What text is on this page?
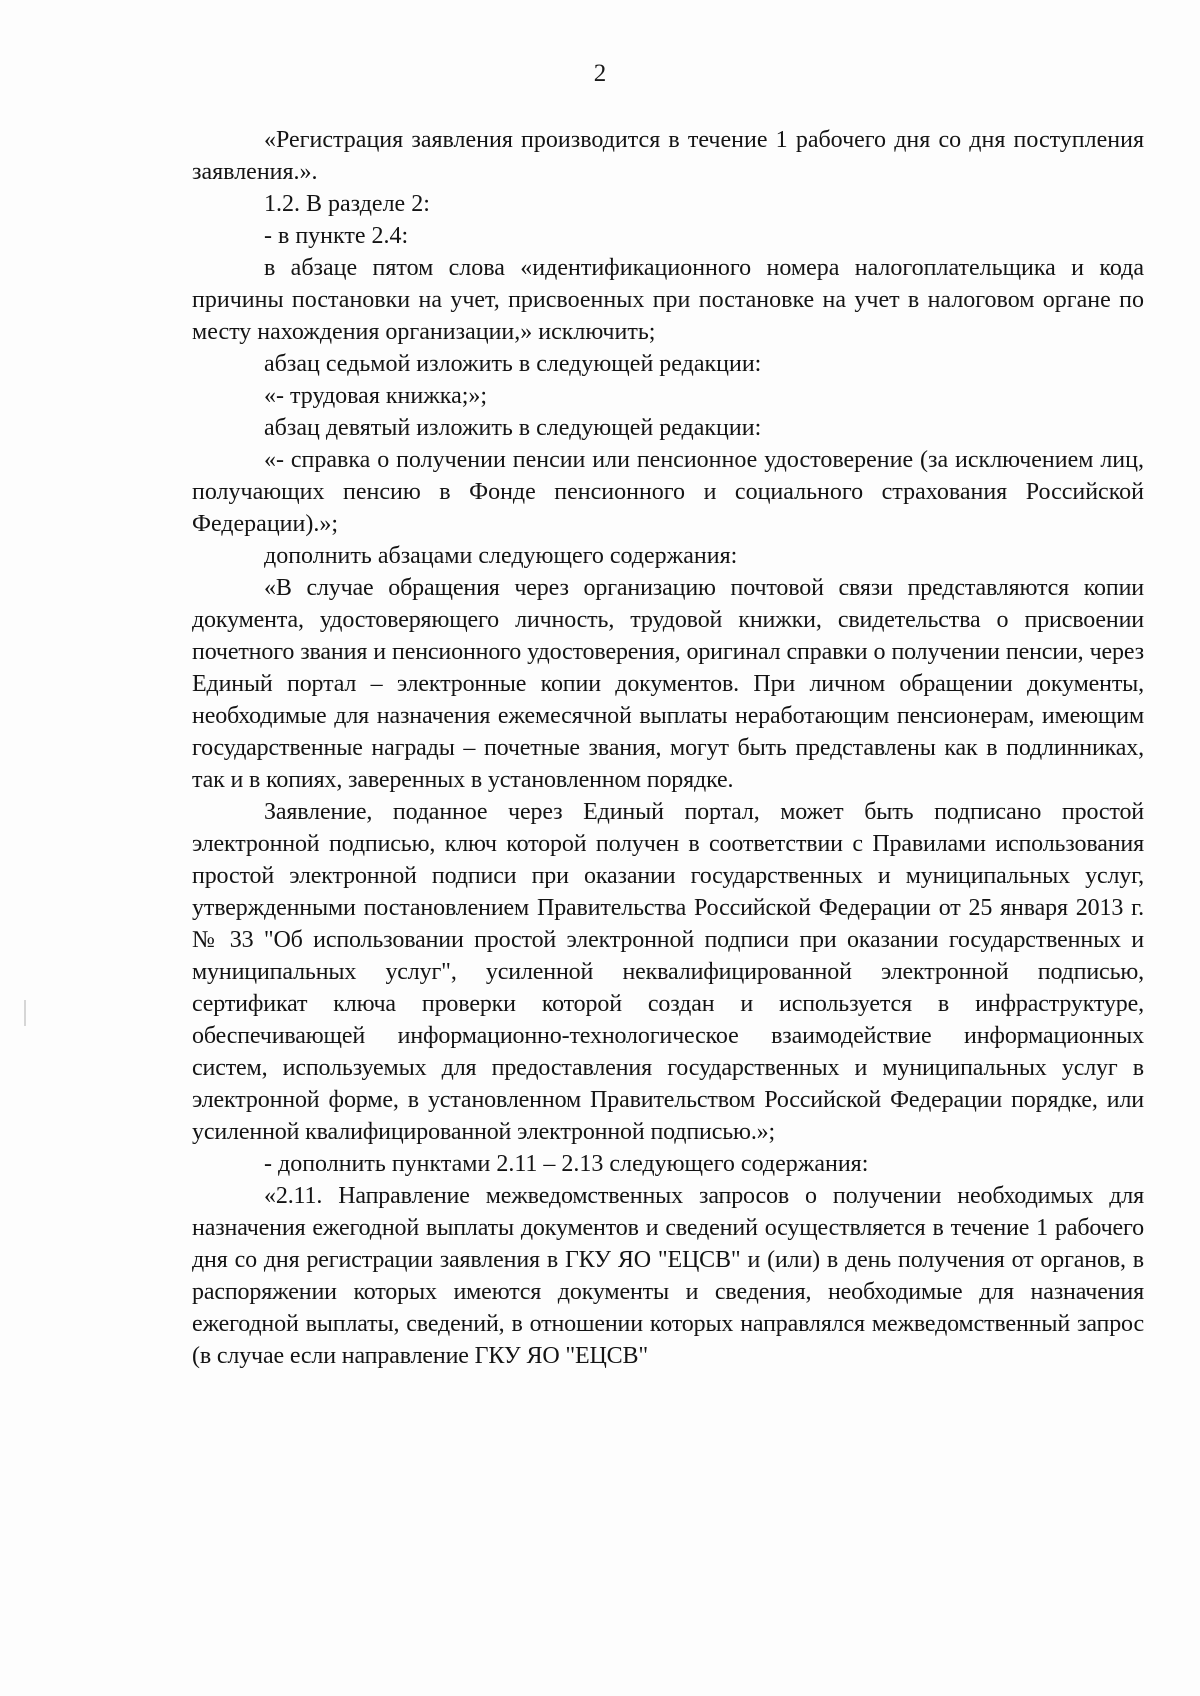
2

«Регистрация заявления производится в течение 1 рабочего дня со дня поступления заявления.».

1.2. В разделе 2:

- в пункте 2.4:

в абзаце пятом слова «идентификационного номера налогоплательщика и кода причины постановки на учет, присвоенных при постановке на учет в налоговом органе по месту нахождения организации,» исключить;

абзац седьмой изложить в следующей редакции:

«- трудовая книжка;»;

абзац девятый изложить в следующей редакции:

«- справка о получении пенсии или пенсионное удостоверение (за исключением лиц, получающих пенсию в Фонде пенсионного и социального страхования Российской Федерации).»;

дополнить абзацами следующего содержания:

«В случае обращения через организацию почтовой связи представляются копии документа, удостоверяющего личность, трудовой книжки, свидетельства о присвоении почетного звания и пенсионного удостоверения, оригинал справки о получении пенсии, через Единый портал – электронные копии документов. При личном обращении документы, необходимые для назначения ежемесячной выплаты неработающим пенсионерам, имеющим государственные награды – почетные звания, могут быть представлены как в подлинниках, так и в копиях, заверенных в установленном порядке.

Заявление, поданное через Единый портал, может быть подписано простой электронной подписью, ключ которой получен в соответствии с Правилами использования простой электронной подписи при оказании государственных и муниципальных услуг, утвержденными постановлением Правительства Российской Федерации от 25 января 2013 г. № 33 "Об использовании простой электронной подписи при оказании государственных и муниципальных услуг", усиленной неквалифицированной электронной подписью, сертификат ключа проверки которой создан и используется в инфраструктуре, обеспечивающей информационно-технологическое взаимодействие информационных систем, используемых для предоставления государственных и муниципальных услуг в электронной форме, в установленном Правительством Российской Федерации порядке, или усиленной квалифицированной электронной подписью.»;

- дополнить пунктами 2.11 – 2.13 следующего содержания:

«2.11. Направление межведомственных запросов о получении необходимых для назначения ежегодной выплаты документов и сведений осуществляется в течение 1 рабочего дня со дня регистрации заявления в ГКУ ЯО "ЕЦСВ" и (или) в день получения от органов, в распоряжении которых имеются документы и сведения, необходимые для назначения ежегодной выплаты, сведений, в отношении которых направлялся межведомственный запрос (в случае если направление ГКУ ЯО "ЕЦСВ"
